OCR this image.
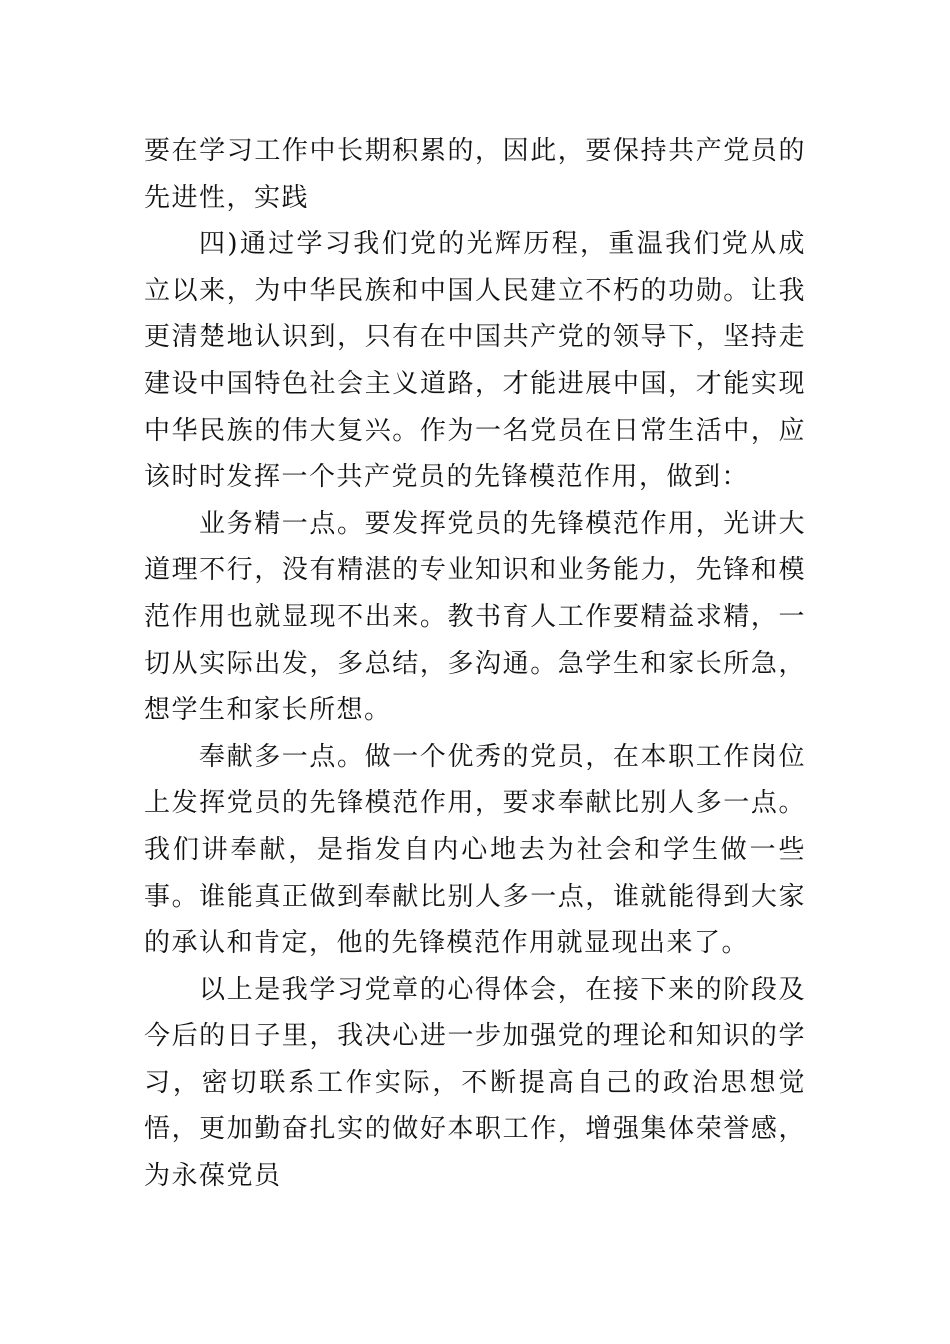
要在学习工作中长期积累的，因此，要保持共产党员的先进性，实践

四)通过学习我们党的光辉历程，重温我们党从成立以来，为中华民族和中国人民建立不朽的功勋。让我更清楚地认识到，只有在中国共产党的领导下，坚持走建设中国特色社会主义道路，才能进展中国，才能实现中华民族的伟大复兴。作为一名党员在日常生活中，应该时时发挥一个共产党员的先锋模范作用，做到：

业务精一点。要发挥党员的先锋模范作用，光讲大道理不行，没有精湛的专业知识和业务能力，先锋和模范作用也就显现不出来。教书育人工作要精益求精，一切从实际出发，多总结，多沟通。急学生和家长所急，想学生和家长所想。

奉献多一点。做一个优秀的党员，在本职工作岗位上发挥党员的先锋模范作用，要求奉献比别人多一点。我们讲奉献，是指发自内心地去为社会和学生做一些事。谁能真正做到奉献比别人多一点，谁就能得到大家的承认和肯定，他的先锋模范作用就显现出来了。

以上是我学习党章的心得体会，在接下来的阶段及今后的日子里，我决心进一步加强党的理论和知识的学习，密切联系工作实际，不断提高自己的政治思想觉悟，更加勤奋扎实的做好本职工作，增强集体荣誉感，为永葆党员
